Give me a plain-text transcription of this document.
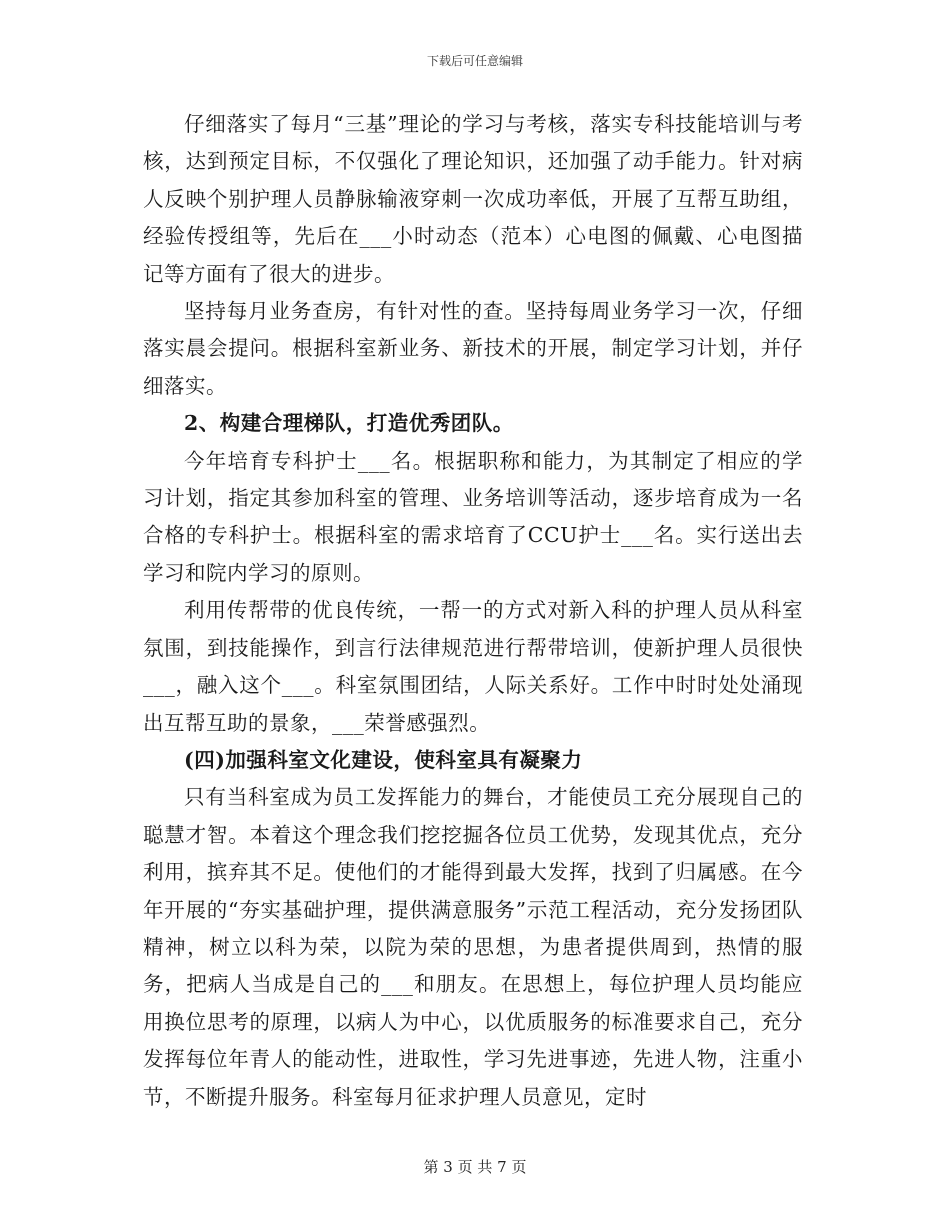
下载后可任意编辑

仔细落实了每月“三基”理论的学习与考核，落实专科技能培训与考核，达到预定目标，不仅强化了理论知识，还加强了动手能力。针对病人反映个别护理人员静脉输液穿刺一次成功率低，开展了互帮互助组，经验传授组等，先后在___小时动态（范本）心电图的佩戴、心电图描记等方面有了很大的进步。

坚持每月业务查房，有针对性的查。坚持每周业务学习一次，仔细落实晨会提问。根据科室新业务、新技术的开展，制定学习计划，并仔细落实。

2、构建合理梯队，打造优秀团队。

今年培育专科护士___名。根据职称和能力，为其制定了相应的学习计划，指定其参加科室的管理、业务培训等活动，逐步培育成为一名合格的专科护士。根据科室的需求培育了CCU护士___名。实行送出去学习和院内学习的原则。

利用传帮带的优良传统，一帮一的方式对新入科的护理人员从科室氛围，到技能操作，到言行法律规范进行帮带培训，使新护理人员很快___，融入这个___。科室氛围团结，人际关系好。工作中时时处处涌现出互帮互助的景象，___荣誉感强烈。

(四)加强科室文化建设，使科室具有凝聚力

只有当科室成为员工发挥能力的舞台，才能使员工充分展现自己的聪慧才智。本着这个理念我们挖挖掘各位员工优势，发现其优点，充分利用，摈弃其不足。使他们的才能得到最大发挥，找到了归属感。在今年开展的“夯实基础护理，提供满意服务”示范工程活动，充分发扬团队精神，树立以科为荣，以院为荣的思想，为患者提供周到，热情的服务，把病人当成是自己的___和朋友。在思想上，每位护理人员均能应用换位思考的原理，以病人为中心，以优质服务的标准要求自己，充分发挥每位年青人的能动性，进取性，学习先进事迹，先进人物，注重小节，不断提升服务。科室每月征求护理人员意见，定时

第 3 页 共 7 页
